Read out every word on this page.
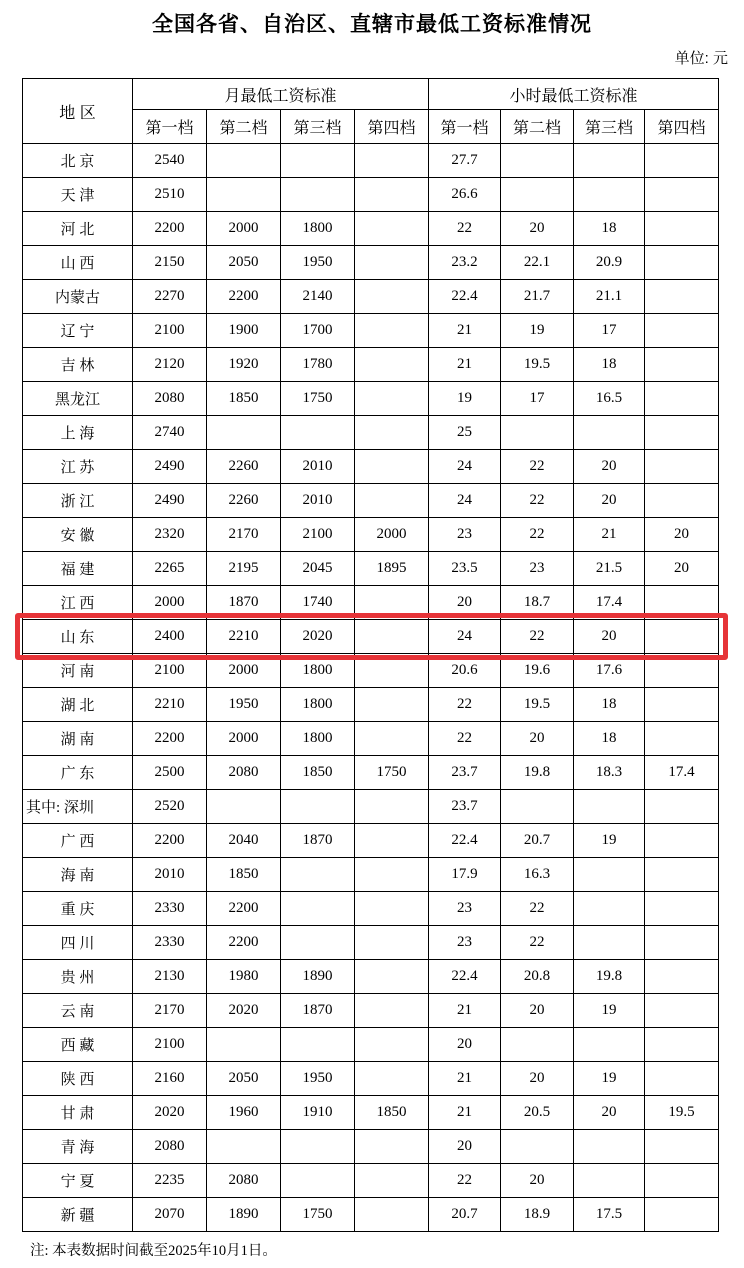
全国各省、自治区、直辖市最低工资标准情况
单位: 元
地 区	月最低工资标准				小时最低工资标准			
	第一档	第二档	第三档	第四档	第一档	第二档	第三档	第四档
北 京	2540				27.7			
天 津	2510				26.6			
河 北	2200	2000	1800		22	20	18	
山 西	2150	2050	1950		23.2	22.1	20.9	
内蒙古	2270	2200	2140		22.4	21.7	21.1	
辽 宁	2100	1900	1700		21	19	17	
吉 林	2120	1920	1780		21	19.5	18	
黑龙江	2080	1850	1750		19	17	16.5	
上 海	2740				25			
江 苏	2490	2260	2010		24	22	20	
浙 江	2490	2260	2010		24	22	20	
安 徽	2320	2170	2100	2000	23	22	21	20
福 建	2265	2195	2045	1895	23.5	23	21.5	20
江 西	2000	1870	1740		20	18.7	17.4	
山 东	2400	2210	2020		24	22	20	
河 南	2100	2000	1800		20.6	19.6	17.6	
湖 北	2210	1950	1800		22	19.5	18	
湖 南	2200	2000	1800		22	20	18	
广 东	2500	2080	1850	1750	23.7	19.8	18.3	17.4
其中: 深圳	2520				23.7			
广 西	2200	2040	1870		22.4	20.7	19	
海 南	2010	1850			17.9	16.3		
重 庆	2330	2200			23	22		
四 川	2330	2200			23	22		
贵 州	2130	1980	1890		22.4	20.8	19.8	
云 南	2170	2020	1870		21	20	19	
西 藏	2100				20			
陕 西	2160	2050	1950		21	20	19	
甘 肃	2020	1960	1910	1850	21	20.5	20	19.5
青 海	2080				20			
宁 夏	2235	2080			22	20		
新 疆	2070	1890	1750		20.7	18.9	17.5	
注: 本表数据时间截至2025年10月1日。
